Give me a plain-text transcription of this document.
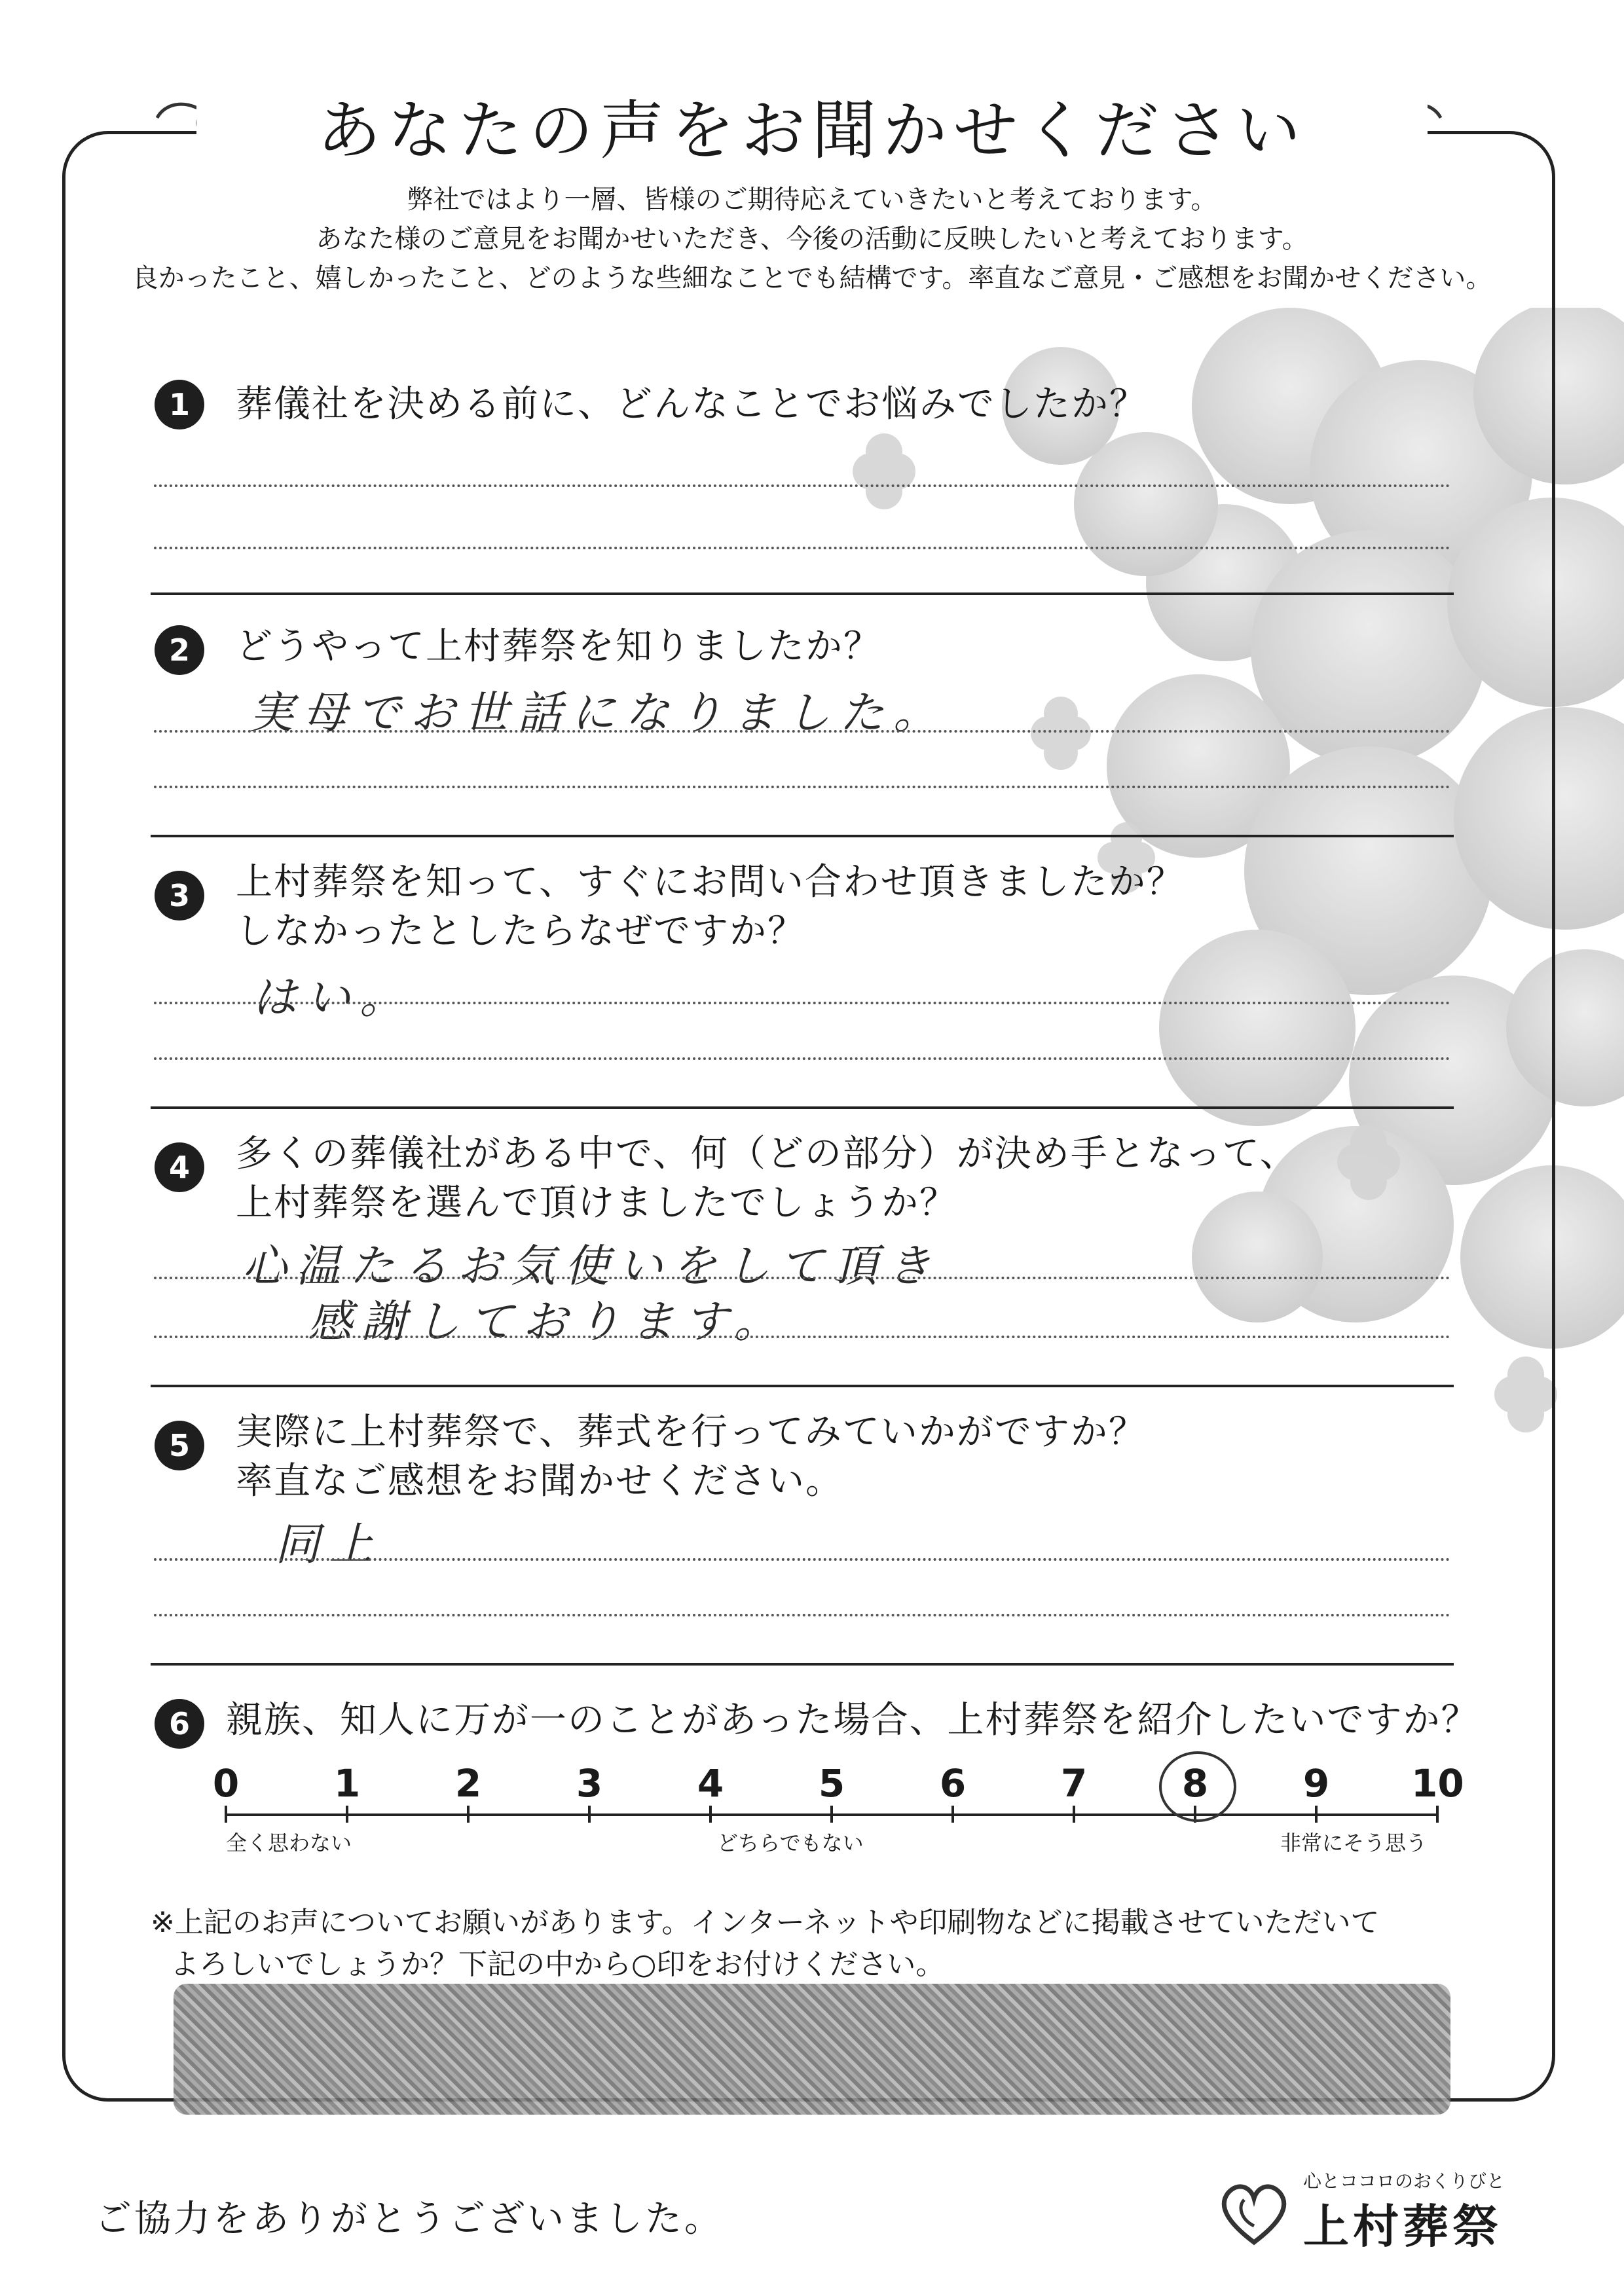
あなたの声をお聞かせください
弊社ではより一層、皆様のご期待応えていきたいと考えております。
あなた様のご意見をお聞かせいただき、今後の活動に反映したいと考えております。
良かったこと、嬉しかったこと、どのような些細なことでも結構です。率直なご意見・ご感想をお聞かせください。
1	葬儀社を決める前に、どんなことでお悩みでしたか？
2	どうやって上村葬祭を知りましたか？
実母でお世話になりました。
3	上村葬祭を知って、すぐにお問い合わせ頂きましたか？
しなかったとしたらなぜですか？
はい。
4	多くの葬儀社がある中で、何（どの部分）が決め手となって、
上村葬祭を選んで頂けましたでしょうか？
心温たるお気使いをして頂き
感謝しております。
5	実際に上村葬祭で、葬式を行ってみていかがですか？
率直なご感想をお聞かせください。
同上
6 親族、知人に万が一のことがあった場合、上村葬祭を紹介したいですか？
0	1	2	3	4	5	6	7	8	9	10
全く思わない	どちらでもない	非常にそう思う
※上記のお声についてお願いがあります。インターネットや印刷物などに掲載させていただいて
よろしいでしょうか？下記の中から○印をお付けください。
ご協力をありがとうございました。
心とココロのおくりびと
上村葬祭
